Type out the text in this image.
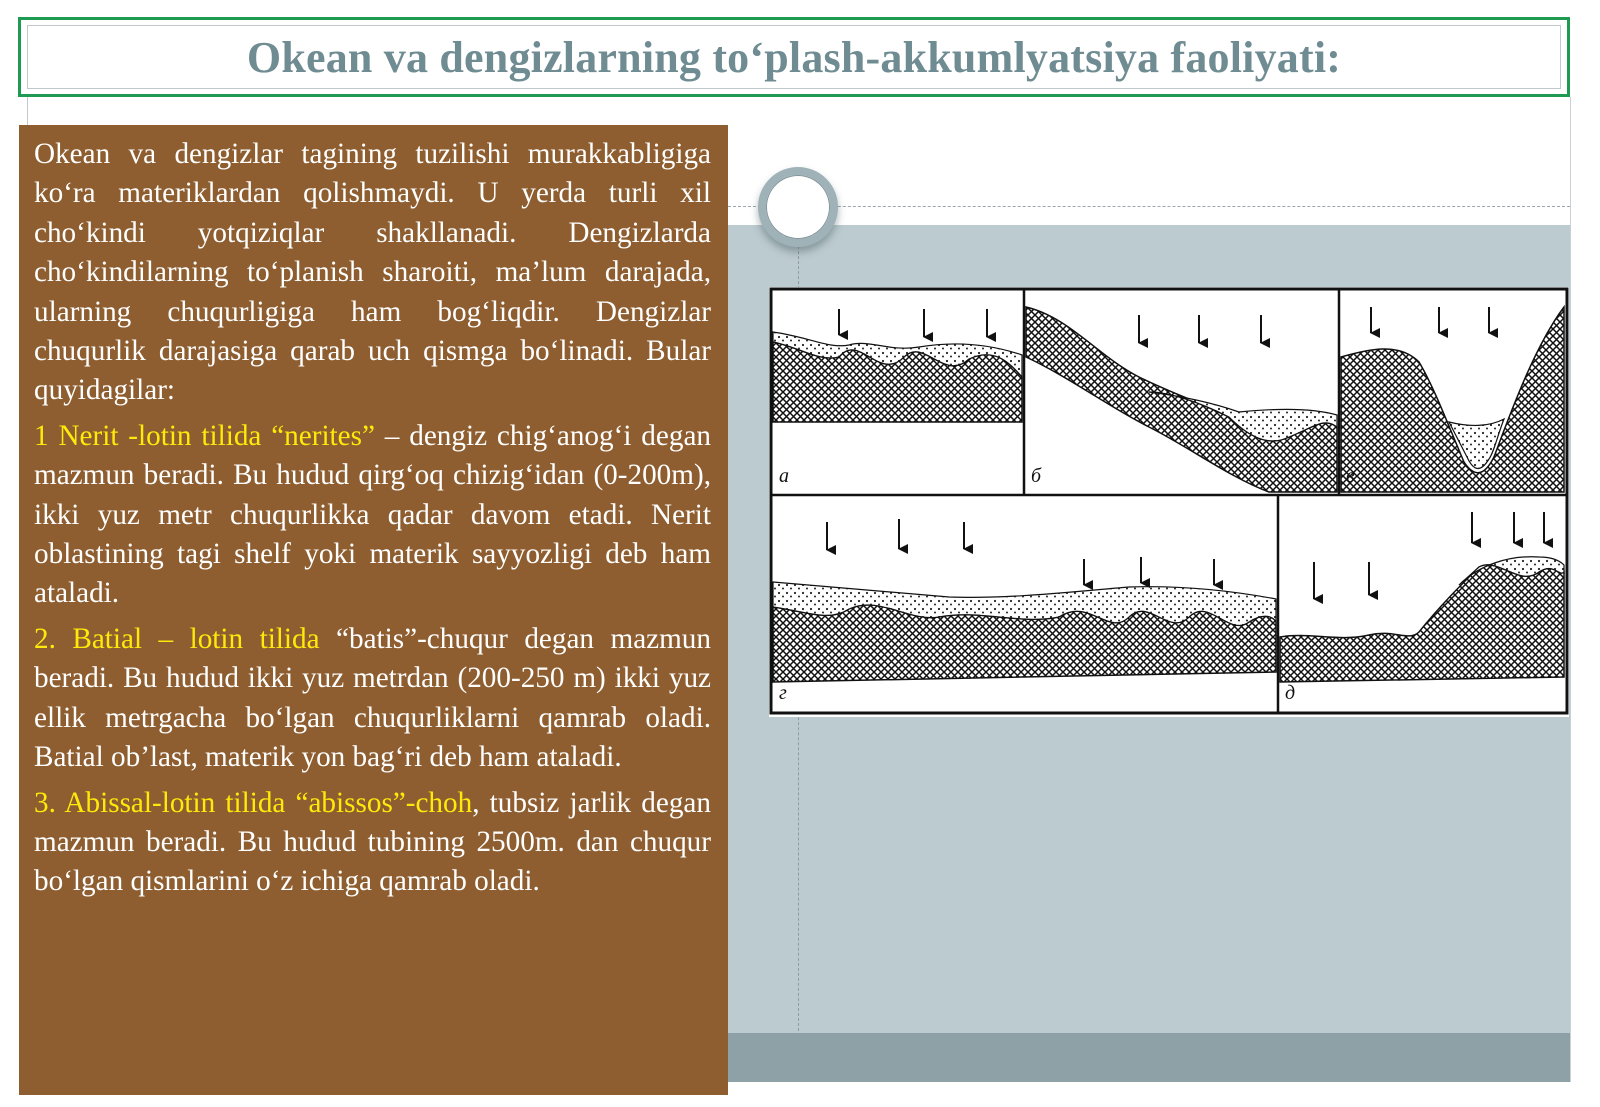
Okean va dengizlarning to‘plash-akkumlyatsiya faoliyati:

Okean va dengizlar tagining tuzilishi murakkabligiga ko‘ra materiklardan qolishmaydi. U yerda turli xil cho‘kindi yotqiziqlar shakllanadi. Dengizlarda cho‘kindilarning to‘planish sharoiti, ma’lum darajada, ularning chuqurligiga ham bog‘liqdir. Dengizlar chuqurlik darajasiga qarab uch qismga bo‘linadi. Bular quyidagilar:

1 Nerit -lotin tilida “nerites” – dengiz chig‘anog‘i degan mazmun beradi. Bu hudud qirg‘oq chizig‘idan (0-200m), ikki yuz metr chuqurlikka qadar davom etadi. Nerit oblastining tagi shelf yoki materik sayyozligi deb ham ataladi.

2. Batial – lotin tilida “batis”-chuqur degan mazmun beradi. Bu hudud ikki yuz metrdan (200-250 m) ikki yuz ellik metrgacha bo‘lgan chuqurliklarni qamrab oladi. Batial ob’last, materik yon bag‘ri deb ham ataladi.

3. Abissal-lotin tilida “abissos”-choh, tubsiz jarlik degan mazmun beradi. Bu hudud tubining 2500m. dan chuqur bo‘lgan qismlarini o‘z ichiga qamrab oladi.

а	б	в
г	д
